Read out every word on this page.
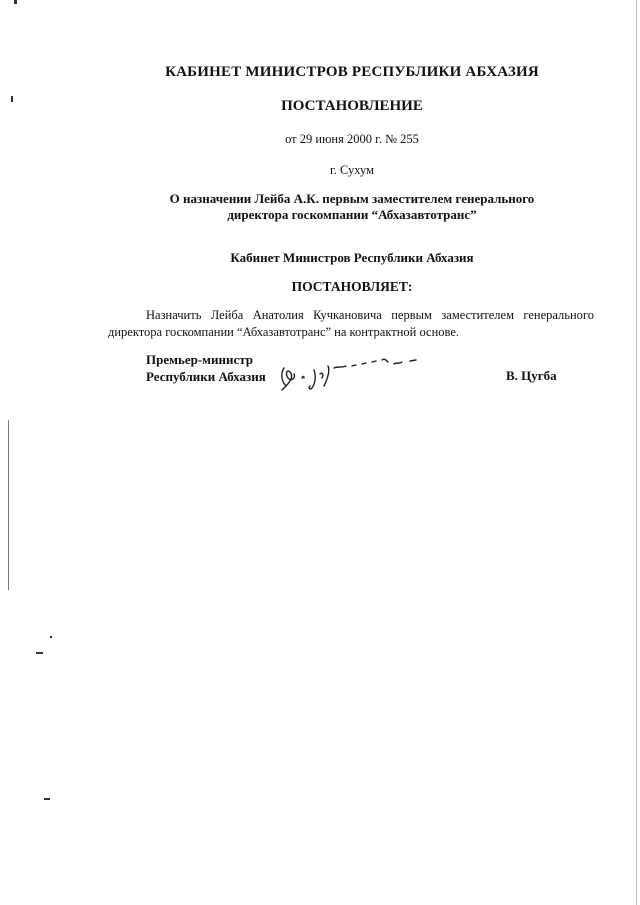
КАБИНЕТ МИНИСТРОВ РЕСПУБЛИКИ АБХАЗИЯ
ПОСТАНОВЛЕНИЕ
от 29 июня 2000 г. № 255
г. Сухум
О назначении Лейба А.К. первым заместителем генерального
директора госкомпании “Абхазавтотранс”
Кабинет Министров Республики Абхазия
ПОСТАНОВЛЯЕТ:
Назначить Лейба Анатолия Кучкановича первым заместителем генерального директора госкомпании “Абхазавтотранс” на контрактной основе.
Премьер-министр
Республики Абхазия	В. Цугба
